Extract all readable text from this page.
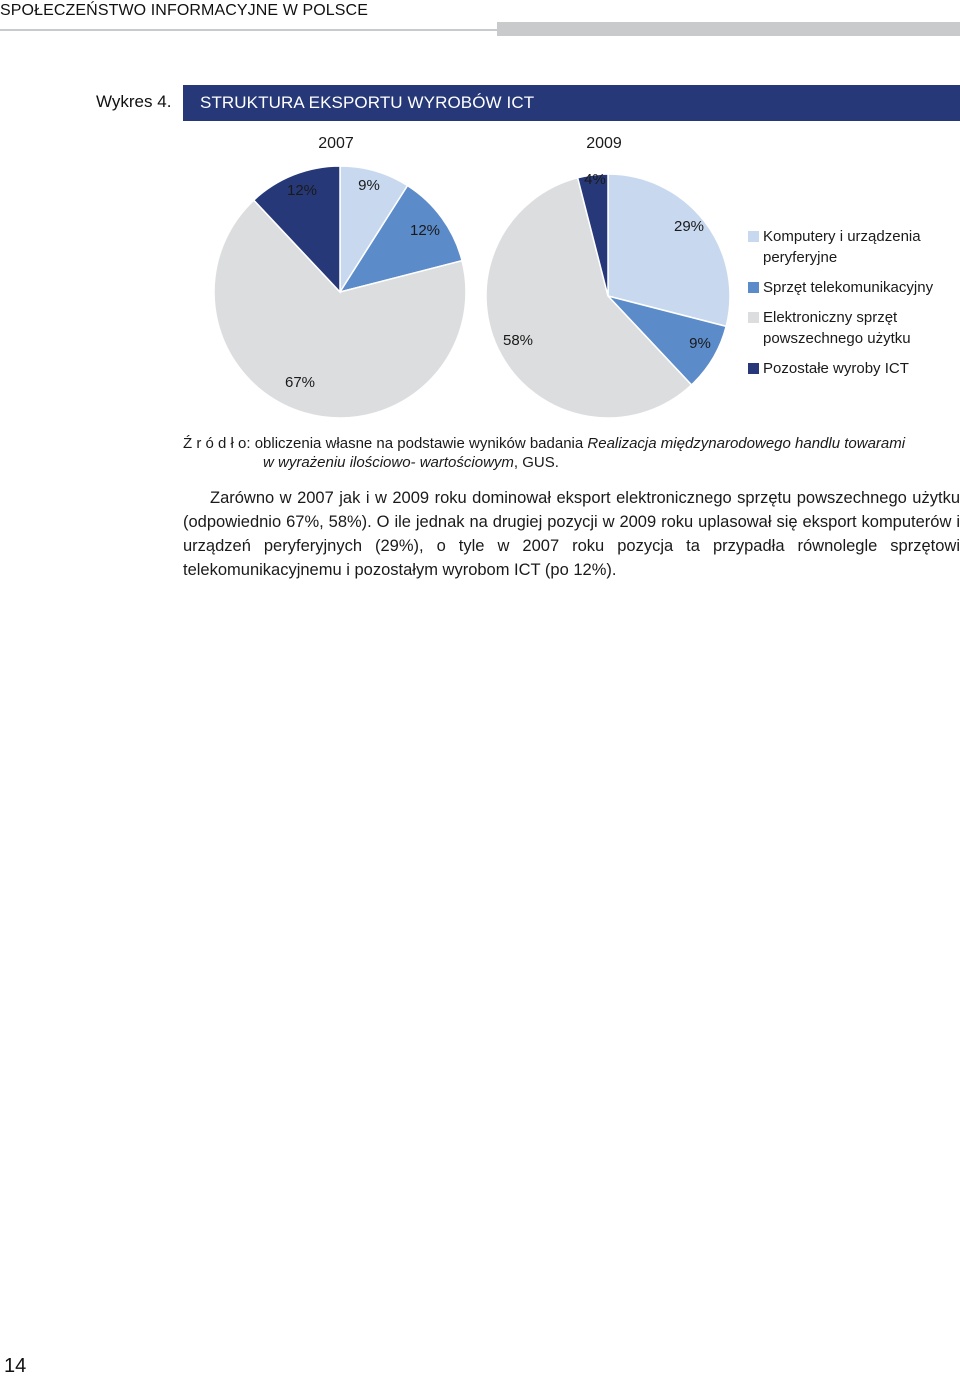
SPOŁECZEŃSTWO INFORMACYJNE W POLSCE
Wykres 4. STRUKTURA EKSPORTU WYROBÓW ICT
2007
9%
12%
67%
12%
2009
29%
9%
58%
4%
Komputery i urządzenia peryferyjne
Sprzęt telekomunikacyjny
Elektroniczny sprzęt powszechnego użytku
Pozostałe wyroby ICT
Ź r ó d ł o: obliczenia własne na podstawie wyników badania Realizacja międzynarodowego handlu towarami
w wyrażeniu ilościowo- wartościowym, GUS.

Zarówno w 2007 jak i w 2009 roku dominował eksport elektronicznego sprzętu powszechnego użytku (odpowiednio 67%, 58%). O ile jednak na drugiej pozycji w 2009 roku uplasował się eksport komputerów i urządzeń peryferyjnych (29%), o tyle w 2007 roku pozycja ta przypadła równolegle sprzętowi telekomunikacyjnemu i pozostałym wyrobom ICT (po 12%).

14
